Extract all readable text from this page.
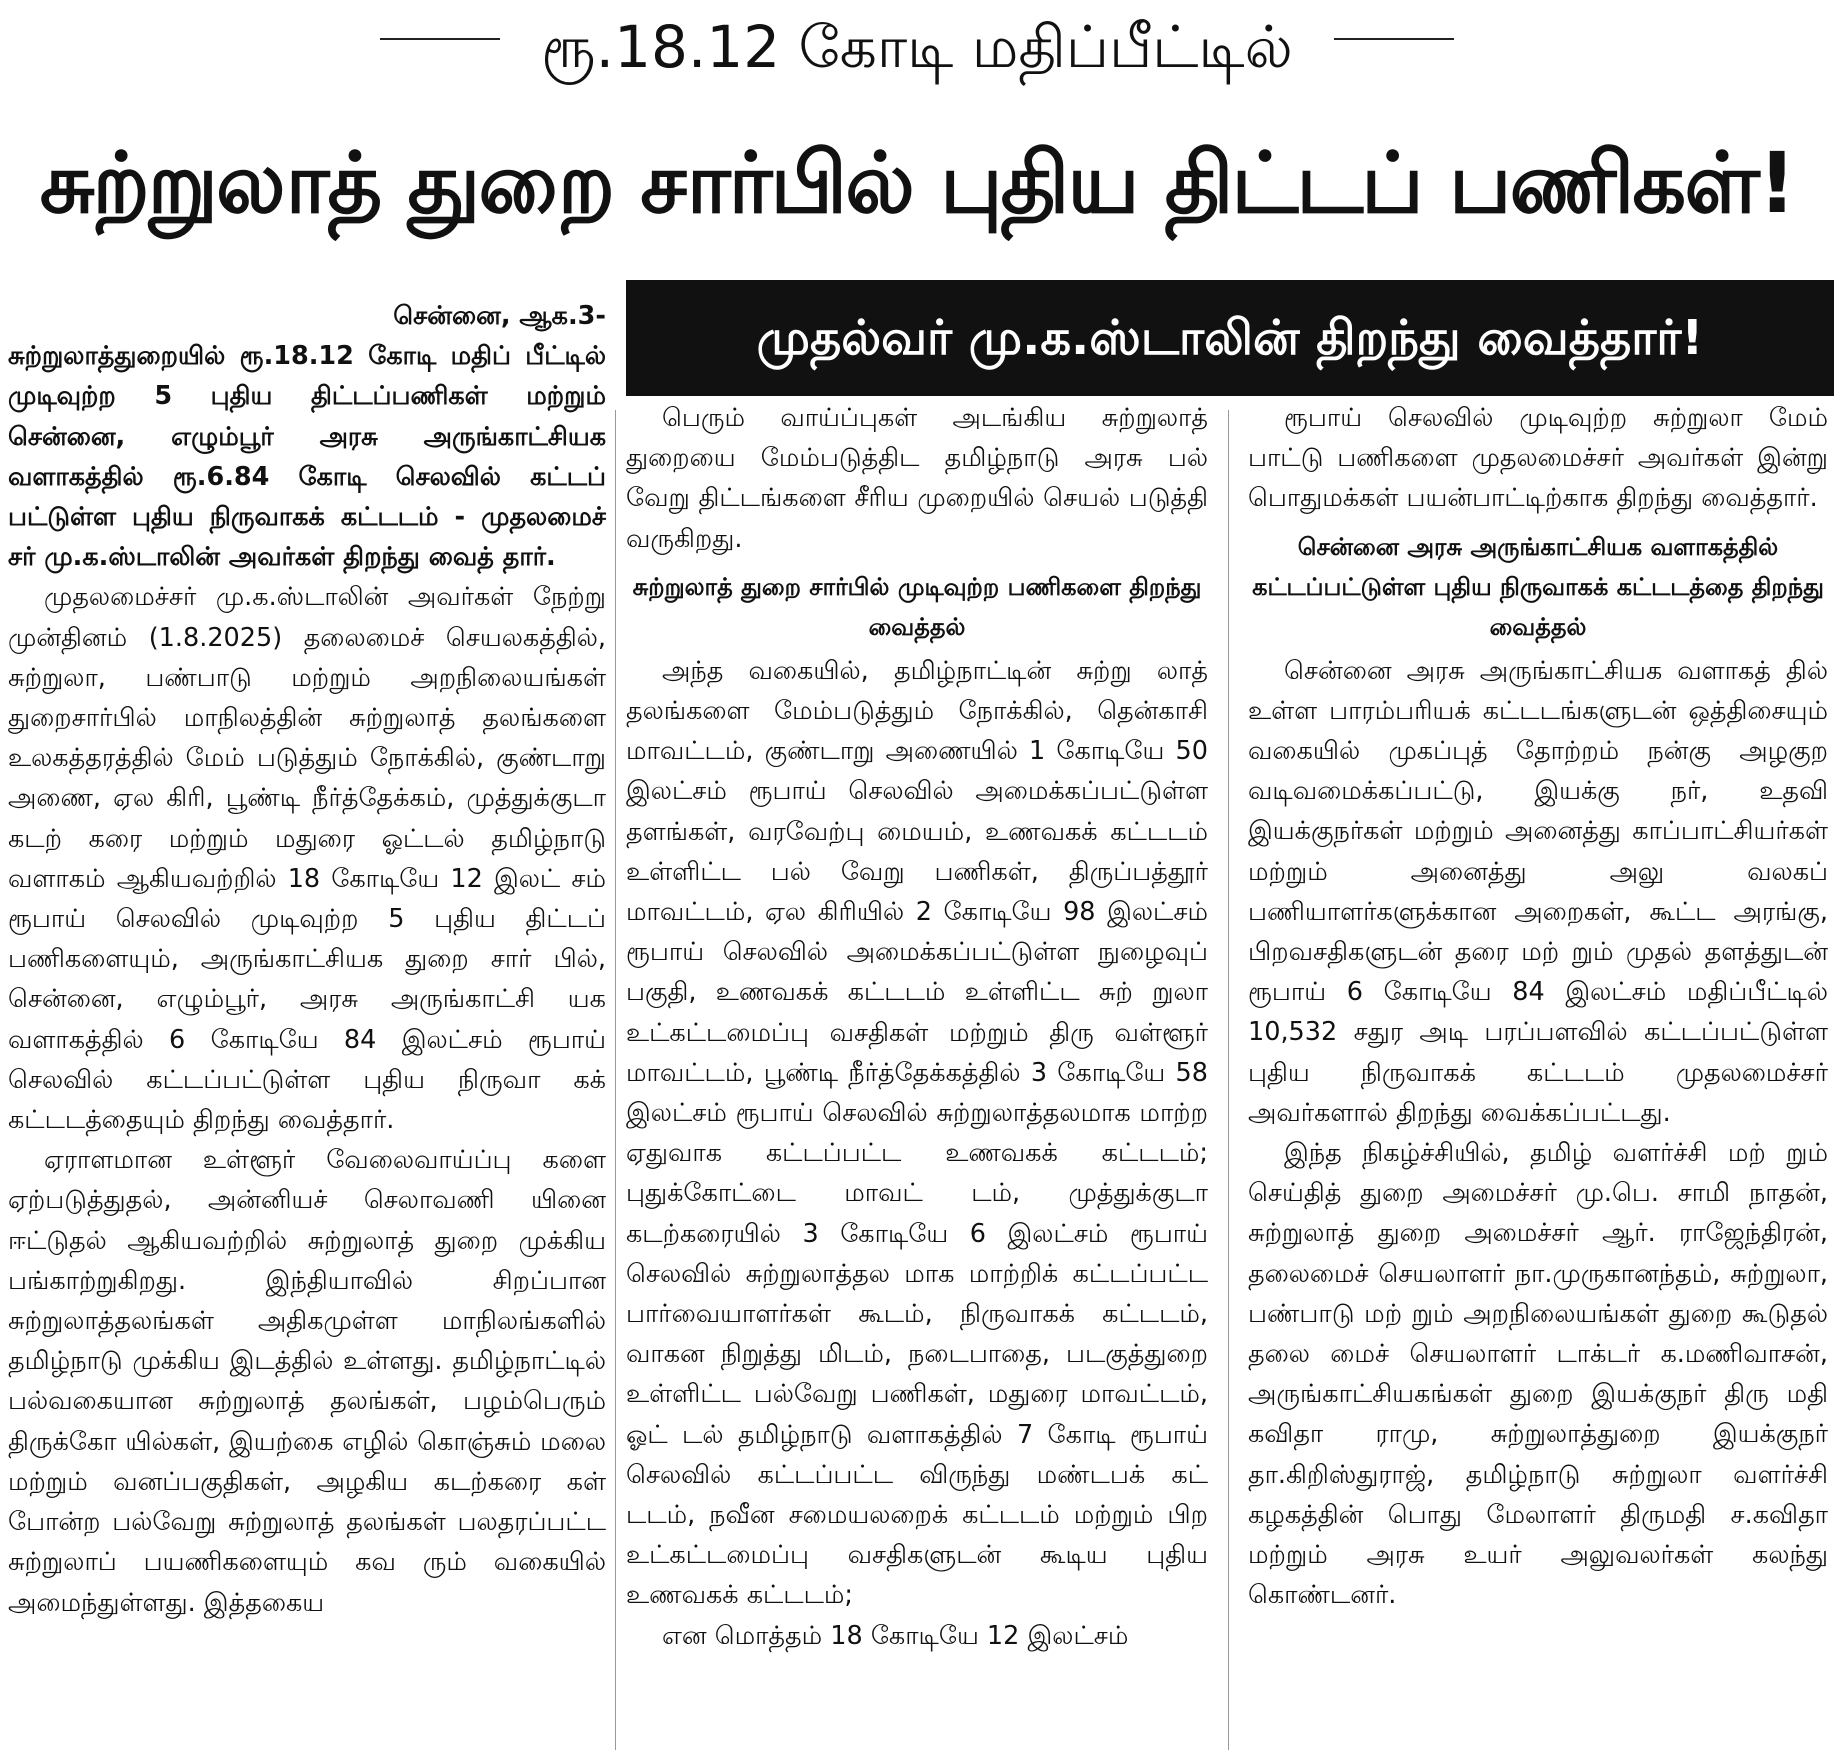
ரூ.18.12 கோடி மதிப்பீட்டில்
சுற்றுலாத் துறை சார்பில் புதிய திட்டப் பணிகள்!
முதல்வர் மு.க.ஸ்டாலின் திறந்து வைத்தார்!

சென்னை, ஆக.3-

சுற்றுலாத்துறையில் ரூ.18.12 கோடி மதிப் பீட்டில் முடிவுற்ற 5 புதிய திட்டப்பணிகள் மற்றும் சென்னை, எழும்பூர் அரசு அருங்காட்சியக வளாகத்தில் ரூ.6.84 கோடி செலவில் கட்டப் பட்டுள்ள புதிய நிருவாகக் கட்டடம் - முதலமைச் சர் மு.க.ஸ்டாலின் அவர்கள் திறந்து வைத் தார்.

முதலமைச்சர் மு.க.ஸ்டாலின் அவர்கள் நேற்று முன்தினம் (1.8.2025) தலைமைச் செயலகத்தில், சுற்றுலா, பண்பாடு மற்றும் அறநிலையங்கள் துறைசார்பில் மாநிலத்தின் சுற்றுலாத் தலங்களை உலகத்தரத்தில் மேம் படுத்தும் நோக்கில், குண்டாறு அணை, ஏல கிரி, பூண்டி நீர்த்தேக்கம், முத்துக்குடா கடற் கரை மற்றும் மதுரை ஓட்டல் தமிழ்நாடு வளாகம் ஆகியவற்றில் 18 கோடியே 12 இலட் சம் ரூபாய் செலவில் முடிவுற்ற 5 புதிய திட்டப் பணிகளையும், அருங்காட்சியக துறை சார் பில், சென்னை, எழும்பூர், அரசு அருங்காட்சி யக வளாகத்தில் 6 கோடியே 84 இலட்சம் ரூபாய் செலவில் கட்டப்பட்டுள்ள புதிய நிருவா கக் கட்டடத்தையும் திறந்து வைத்தார்.

ஏராளமான உள்ளூர் வேலைவாய்ப்பு களை ஏற்படுத்துதல், அன்னியச் செலாவணி யினை ஈட்டுதல் ஆகியவற்றில் சுற்றுலாத் துறை முக்கிய பங்காற்றுகிறது. இந்தியாவில் சிறப்பான சுற்றுலாத்தலங்கள் அதிகமுள்ள மாநிலங்களில் தமிழ்நாடு முக்கிய இடத்தில் உள்ளது. தமிழ்நாட்டில் பல்வகையான சுற்றுலாத் தலங்கள், பழம்பெரும் திருக்கோ யில்கள், இயற்கை எழில் கொஞ்சும் மலை மற்றும் வனப்பகுதிகள், அழகிய கடற்கரை கள் போன்ற பல்வேறு சுற்றுலாத் தலங்கள் பலதரப்பட்ட சுற்றுலாப் பயணிகளையும் கவ ரும் வகையில் அமைந்துள்ளது. இத்தகைய

பெரும் வாய்ப்புகள் அடங்கிய சுற்றுலாத் துறையை மேம்படுத்திட தமிழ்நாடு அரசு பல் வேறு திட்டங்களை சீரிய முறையில் செயல் படுத்தி வருகிறது.

சுற்றுலாத் துறை சார்பில் முடிவுற்ற பணிகளை திறந்து வைத்தல்

அந்த வகையில், தமிழ்நாட்டின் சுற்று லாத் தலங்களை மேம்படுத்தும் நோக்கில், தென்காசி மாவட்டம், குண்டாறு அணையில் 1 கோடியே 50 இலட்சம் ரூபாய் செலவில் அமைக்கப்பட்டுள்ள தளங்கள், வரவேற்பு மையம், உணவகக் கட்டடம் உள்ளிட்ட பல் வேறு பணிகள், திருப்பத்தூர் மாவட்டம், ஏல கிரியில் 2 கோடியே 98 இலட்சம் ரூபாய் செலவில் அமைக்கப்பட்டுள்ள நுழைவுப் பகுதி, உணவகக் கட்டடம் உள்ளிட்ட சுற் றுலா உட்கட்டமைப்பு வசதிகள் மற்றும் திரு வள்ளூர் மாவட்டம், பூண்டி நீர்த்தேக்கத்தில் 3 கோடியே 58 இலட்சம் ரூபாய் செலவில் சுற்றுலாத்தலமாக மாற்ற ஏதுவாக கட்டப்பட்ட உணவகக் கட்டடம்; புதுக்கோட்டை மாவட் டம், முத்துக்குடா கடற்கரையில் 3 கோடியே 6 இலட்சம் ரூபாய் செலவில் சுற்றுலாத்தல மாக மாற்றிக் கட்டப்பட்ட பார்வையாளர்கள் கூடம், நிருவாகக் கட்டடம், வாகன நிறுத்து மிடம், நடைபாதை, படகுத்துறை உள்ளிட்ட பல்வேறு பணிகள், மதுரை மாவட்டம், ஓட் டல் தமிழ்நாடு வளாகத்தில் 7 கோடி ரூபாய் செலவில் கட்டப்பட்ட விருந்து மண்டபக் கட் டடம், நவீன சமையலறைக் கட்டடம் மற்றும் பிற உட்கட்டமைப்பு வசதிகளுடன் கூடிய புதிய உணவகக் கட்டடம்;

என மொத்தம் 18 கோடியே 12 இலட்சம்

ரூபாய் செலவில் முடிவுற்ற சுற்றுலா மேம் பாட்டு பணிகளை முதலமைச்சர் அவர்கள் இன்று பொதுமக்கள் பயன்பாட்டிற்காக திறந்து வைத்தார்.

சென்னை அரசு அருங்காட்சியக வளாகத்தில் கட்டப்பட்டுள்ள புதிய நிருவாகக் கட்டடத்தை திறந்து வைத்தல்

சென்னை அரசு அருங்காட்சியக வளாகத் தில் உள்ள பாரம்பரியக் கட்டடங்களுடன் ஒத்திசையும் வகையில் முகப்புத் தோற்றம் நன்கு அழகுற வடிவமைக்கப்பட்டு, இயக்கு நர், உதவி இயக்குநர்கள் மற்றும் அனைத்து காப்பாட்சியர்கள் மற்றும் அனைத்து அலு வலகப் பணியாளர்களுக்கான அறைகள், கூட்ட அரங்கு, பிறவசதிகளுடன் தரை மற் றும் முதல் தளத்துடன் ரூபாய் 6 கோடியே 84 இலட்சம் மதிப்பீட்டில் 10,532 சதுர அடி பரப்பளவில் கட்டப்பட்டுள்ள புதிய நிருவாகக் கட்டடம் முதலமைச்சர் அவர்களால் திறந்து வைக்கப்பட்டது.

இந்த நிகழ்ச்சியில், தமிழ் வளர்ச்சி மற் றும் செய்தித் துறை அமைச்சர் மு.பெ. சாமி நாதன், சுற்றுலாத் துறை அமைச்சர் ஆர். ராஜேந்திரன், தலைமைச் செயலாளர் நா.முருகானந்தம், சுற்றுலா, பண்பாடு மற் றும் அறநிலையங்கள் துறை கூடுதல் தலை மைச் செயலாளர் டாக்டர் க.மணிவாசன், அருங்காட்சியகங்கள் துறை இயக்குநர் திரு மதி கவிதா ராமு, சுற்றுலாத்துறை இயக்குநர் தா.கிறிஸ்துராஜ், தமிழ்நாடு சுற்றுலா வளர்ச்சி கழகத்தின் பொது மேலாளர் திருமதி ச.கவிதா மற்றும் அரசு உயர் அலுவலர்கள் கலந்து கொண்டனர்.
